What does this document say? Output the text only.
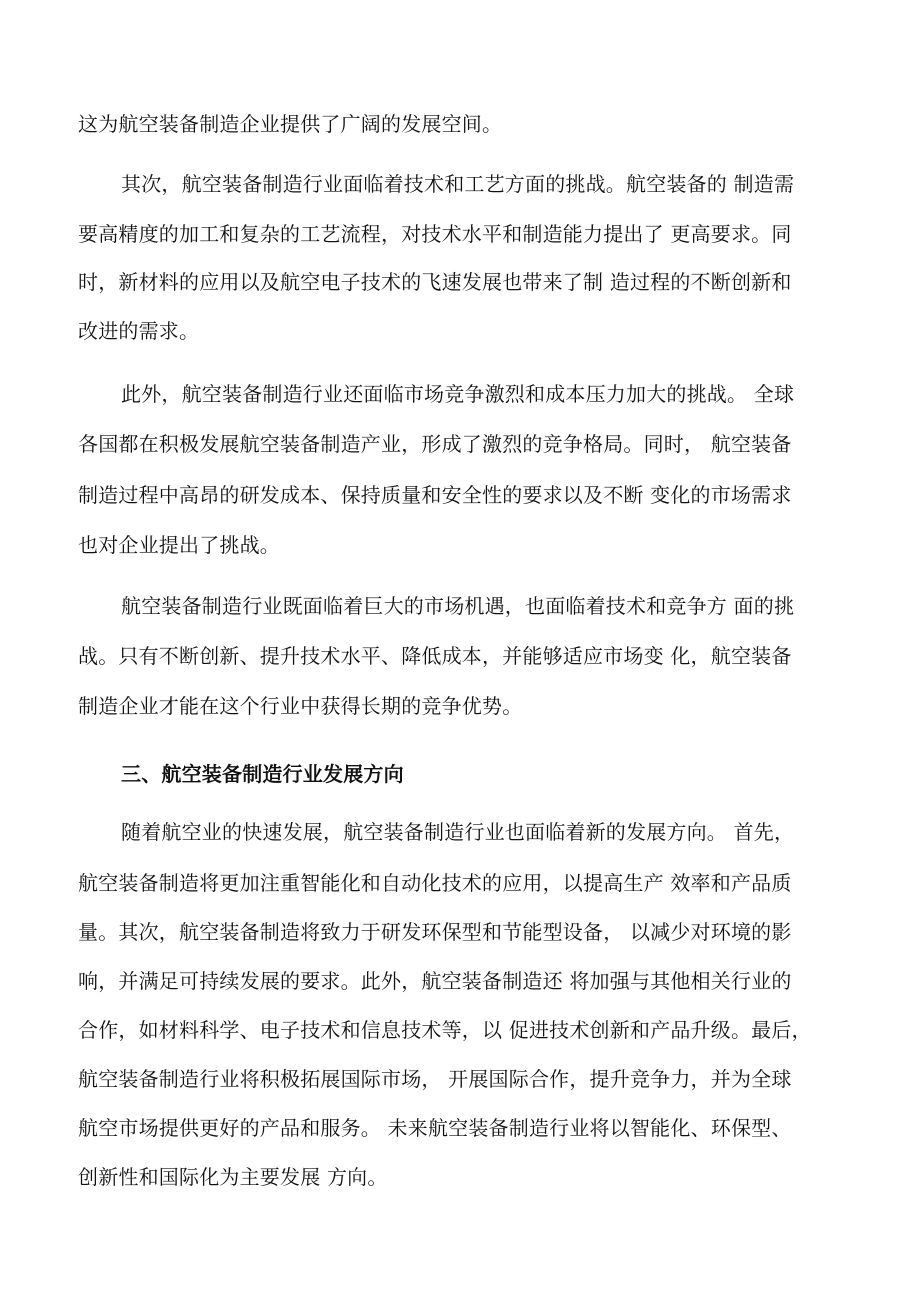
这为航空装备制造企业提供了广阔的发展空间。
其次，航空装备制造行业面临着技术和工艺方面的挑战。航空装备的 制造需
要高精度的加工和复杂的工艺流程，对技术水平和制造能力提出了 更高要求。同
时，新材料的应用以及航空电子技术的飞速发展也带来了制 造过程的不断创新和
改进的需求。
此外，航空装备制造行业还面临市场竞争激烈和成本压力加大的挑战。 全球
各国都在积极发展航空装备制造产业，形成了激烈的竞争格局。同时， 航空装备
制造过程中高昂的研发成本、保持质量和安全性的要求以及不断 变化的市场需求
也对企业提出了挑战。
航空装备制造行业既面临着巨大的市场机遇，也面临着技术和竞争方 面的挑
战。只有不断创新、提升技术水平、降低成本，并能够适应市场变 化，航空装备
制造企业才能在这个行业中获得长期的竞争优势。
三、航空装备制造行业发展方向
随着航空业的快速发展，航空装备制造行业也面临着新的发展方向。 首先，
航空装备制造将更加注重智能化和自动化技术的应用，以提高生产 效率和产品质
量。其次，航空装备制造将致力于研发环保型和节能型设备， 以减少对环境的影
响，并满足可持续发展的要求。此外，航空装备制造还 将加强与其他相关行业的
合作，如材料科学、电子技术和信息技术等，以 促进技术创新和产品升级。最后，
航空装备制造行业将积极拓展国际市场， 开展国际合作，提升竞争力，并为全球
航空市场提供更好的产品和服务。 未来航空装备制造行业将以智能化、环保型、
创新性和国际化为主要发展 方向。
